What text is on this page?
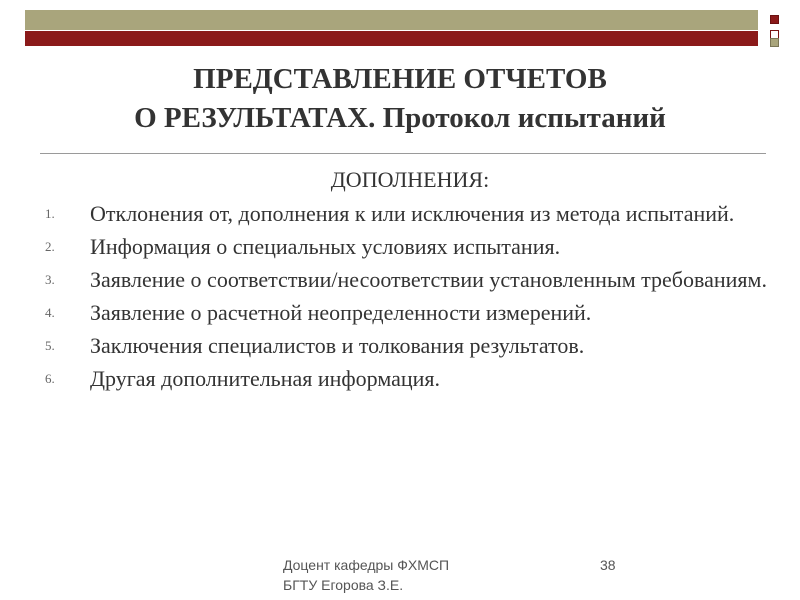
ПРЕДСТАВЛЕНИЕ ОТЧЕТОВ
О РЕЗУЛЬТАТАХ. Протокол испытаний
ДОПОЛНЕНИЯ:
1. Отклонения от, дополнения к или исключения из метода испытаний.
2. Информация о специальных условиях испытания.
3. Заявление о соответствии/несоответствии установленным требованиям.
4. Заявление о расчетной неопределенности измерений.
5. Заключения специалистов и толкования результатов.
6. Другая дополнительная информация.
Доцент кафедры ФХМСП
БГТУ Егорова З.Е.
38
